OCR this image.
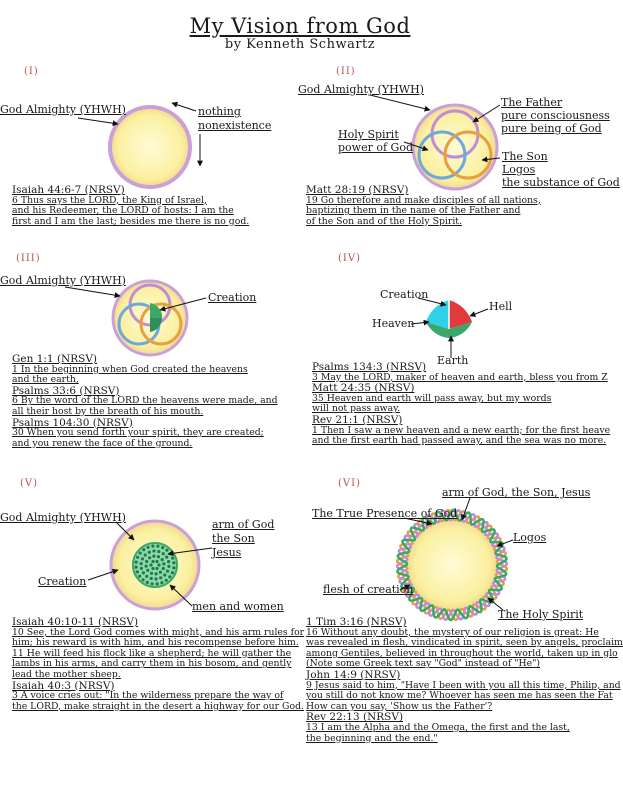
My Vision from God
by Kenneth Schwartz
(I)
God Almighty (YHWH)	nothing
nonexistence
Isaiah 44:6-7 (NRSV)
6 Thus says the LORD, the King of Israel,
and his Redeemer, the LORD of hosts: I am the
first and I am the last; besides me there is no god.
(II)
God Almighty (YHWH)
The Father
pure consciousness
pure being of God
Holy Spirit
power of God
The Son
Logos
the substance of God
Matt 28:19 (NRSV)
19 Go therefore and make disciples of all nations,
baptizing them in the name of the Father and
of the Son and of the Holy Spirit.
(III)
God Almighty (YHWH)
Creation
Gen 1:1 (NRSV)
1 In the beginning when God created the heavens
and the earth,
Psalms 33:6 (NRSV)
6 By the word of the LORD the heavens were made, and
all their host by the breath of his mouth.
Psalms 104:30 (NRSV)
30 When you send forth your spirit, they are created;
and you renew the face of the ground.
(IV)
Creation
Hell
Heaven
Earth
Psalms 134:3 (NRSV)
3 May the LORD, maker of heaven and earth, bless you from Z
Matt 24:35 (NRSV)
35 Heaven and earth will pass away, but my words
will not pass away.
Rev 21:1 (NRSV)
1 Then I saw a new heaven and a new earth; for the first heave
and the first earth had passed away, and the sea was no more.
(V)
God Almighty (YHWH)
arm of God
the Son
Jesus
Creation
men and women
Isaiah 40:10-11 (NRSV)
10 See, the Lord God comes with might, and his arm rules for
him; his reward is with him, and his recompense before him.
11 He will feed his flock like a shepherd; he will gather the
lambs in his arms, and carry them in his bosom, and gently
lead the mother sheep.
Isaiah 40:3 (NRSV)
3 A voice cries out: "In the wilderness prepare the way of
the LORD, make straight in the desert a highway for our God.
(VI)
arm of God, the Son, Jesus
The True Presence of God
Logos
flesh of creation
The Holy Spirit
1 Tim 3:16 (NRSV)
16 Without any doubt, the mystery of our religion is great: He
was revealed in flesh, vindicated in spirit, seen by angels, proclaim
among Gentiles, believed in throughout the world, taken up in glo
(Note some Greek text say "God" instead of "He")
John 14:9 (NRSV)
9 Jesus said to him, "Have I been with you all this time, Philip, and
you still do not know me? Whoever has seen me has seen the Fat
How can you say, 'Show us the Father'?
Rev 22:13 (NRSV)
13 I am the Alpha and the Omega, the first and the last,
the beginning and the end."
